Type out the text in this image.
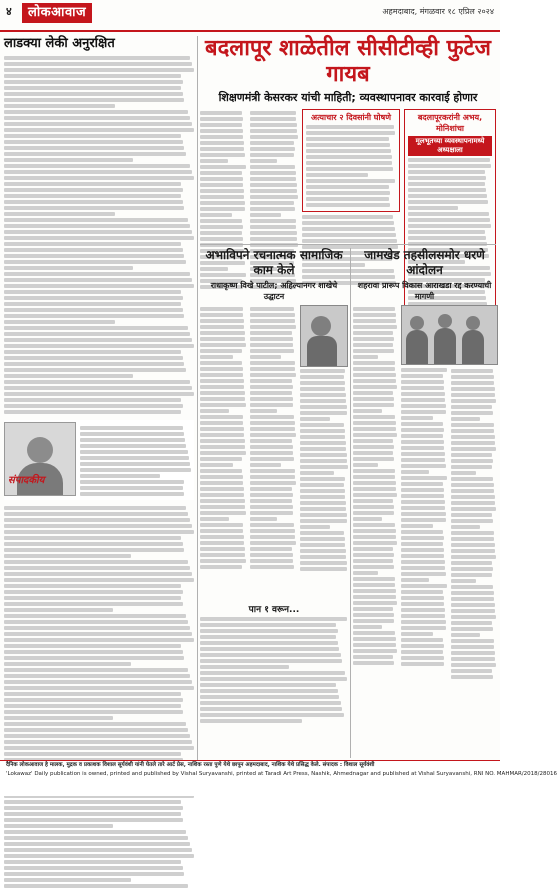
४	लोकआवाज	अहमदाबाद, मंगळवार १८ एप्रिल २०२४
लाडक्या लेकी अनुरक्षित
संपादकीय
बदलापूर शाळेतील सीसीटीव्ही फुटेज गायब
शिक्षणमंत्री केसरकर यांची माहिती; व्यवस्थापनावर कारवाई होणार
अत्याचार २ दिवसांनी घोषणे	बदलापूरकरांनी अभय, मोनिशांचा
मूलभूतच्या व्यवस्थापनामध्ये अध्यक्षाला
अभाविपने रचनात्मक सामाजिक काम केले
राधाकृष्ण विखे पाटील; अहिल्यानगर शाखेचे उद्घाटन
जामखेड तहसीलसमोर धरणे आंदोलन
शहरावा प्रारूप विकास आराखडा रद्द करण्याची मागणी
पान १ वरून...
दैनिक लोकआवाज हे मालक, मुद्रक व प्रकाशक विशाल सूर्यवंशी यांनी घेतले तारे आर्ट प्रेस, नाशिक रस्ता पुणे येथे छापून अहमदाबाद, नाशिक येथे प्रसिद्ध केले. संपादक : विशाल सूर्यवंशी
'Lokawaz' Daily publication is owned, printed and published by Vishal Suryavanshi, printed at Taradi Art Press, Nashik, Ahmednagar and published at Vishal Suryavanshi, RNI NO. MAHMAR/2018/28016
